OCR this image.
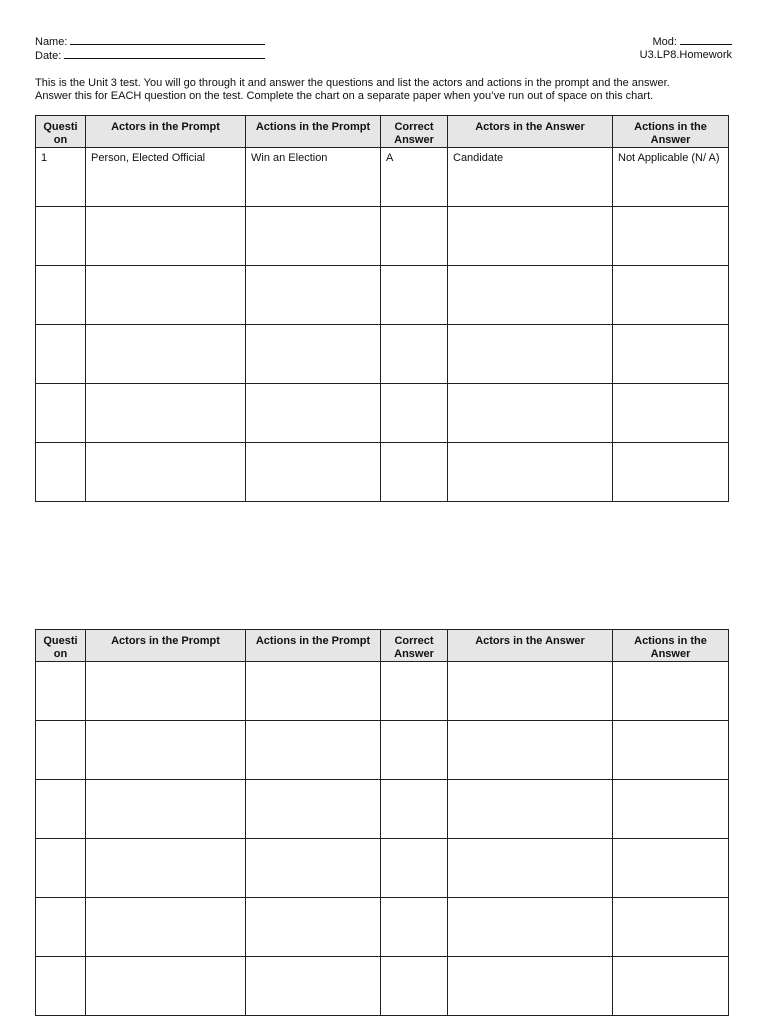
Name:
Date:
Mod:
U3.LP8.Homework
This is the Unit 3 test. You will go through it and answer the questions and list the actors and actions in the prompt and the answer.
Answer this for EACH question on the test. Complete the chart on a separate paper when you’ve run out of space on this chart.
Questi on	Actors in the Prompt	Actions in the Prompt	Correct Answer	Actors in the Answer	Actions in the Answer
1	Person, Elected Official	Win an Election	A	Candidate	Not Applicable (N/ A)

Questi on	Actors in the Prompt	Actions in the Prompt	Correct Answer	Actors in the Answer	Actions in the Answer
